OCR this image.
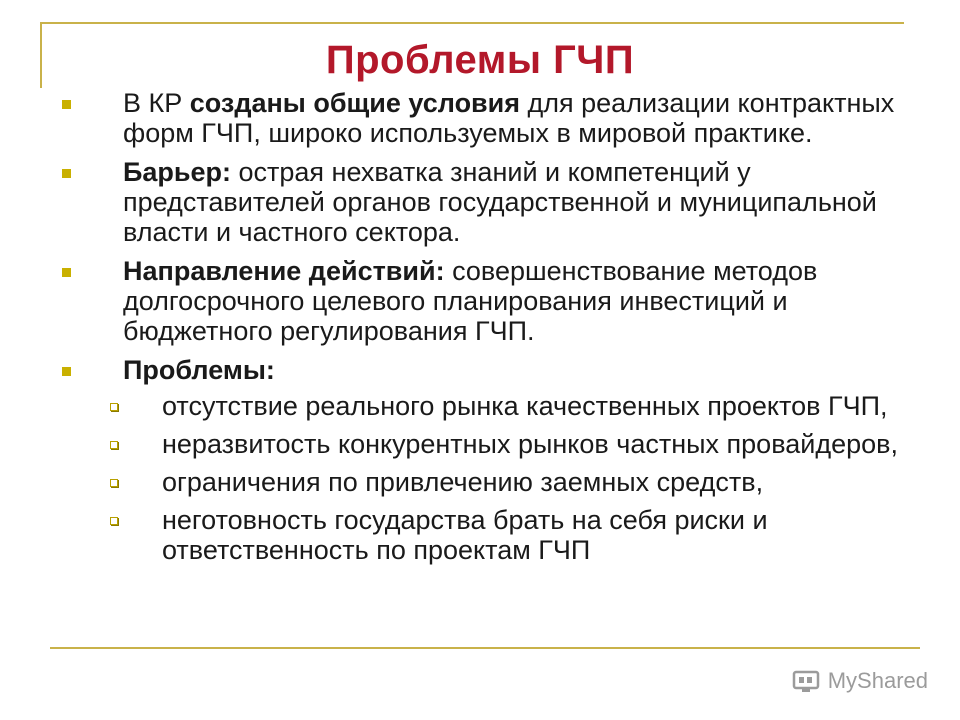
Проблемы ГЧП
В КР созданы общие условия для реализации контрактных форм ГЧП, широко используемых в мировой практике.
Барьер: острая нехватка знаний и компетенций у представителей органов государственной и муниципальной власти и частного сектора.
Направление действий: совершенствование методов долгосрочного целевого планирования инвестиций и бюджетного регулирования ГЧП.
Проблемы:
отсутствие реального рынка качественных проектов ГЧП,
неразвитость конкурентных рынков частных провайдеров,
ограничения по привлечению заемных средств,
неготовность государства брать на себя риски и ответственность по проектам ГЧП
MyShared
